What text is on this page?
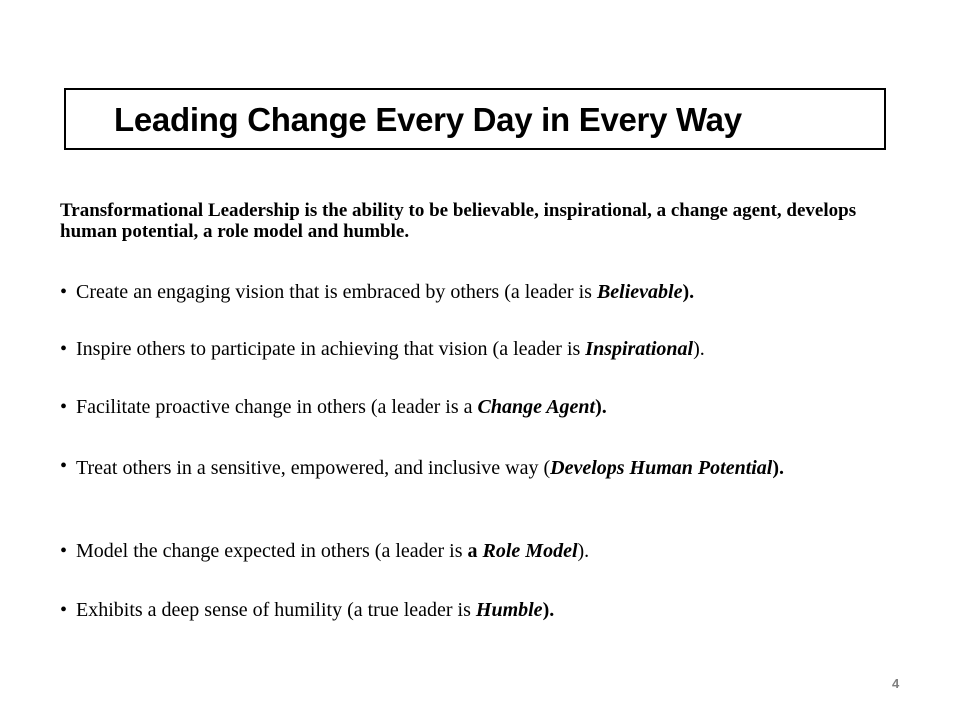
Leading Change Every Day in Every Way
Transformational Leadership is the ability to be believable, inspirational, a change agent, develops human potential, a role model and humble.
• Create an engaging vision that is embraced by others (a leader is Believable).
• Inspire others to participate in achieving that vision (a leader is Inspirational).
• Facilitate proactive change in others (a leader is a Change Agent).
• Treat others in a sensitive, empowered, and inclusive way (Develops Human Potential).
• Model the change expected in others (a leader is a Role Model).
• Exhibits a deep sense of humility (a true leader is Humble).
4
